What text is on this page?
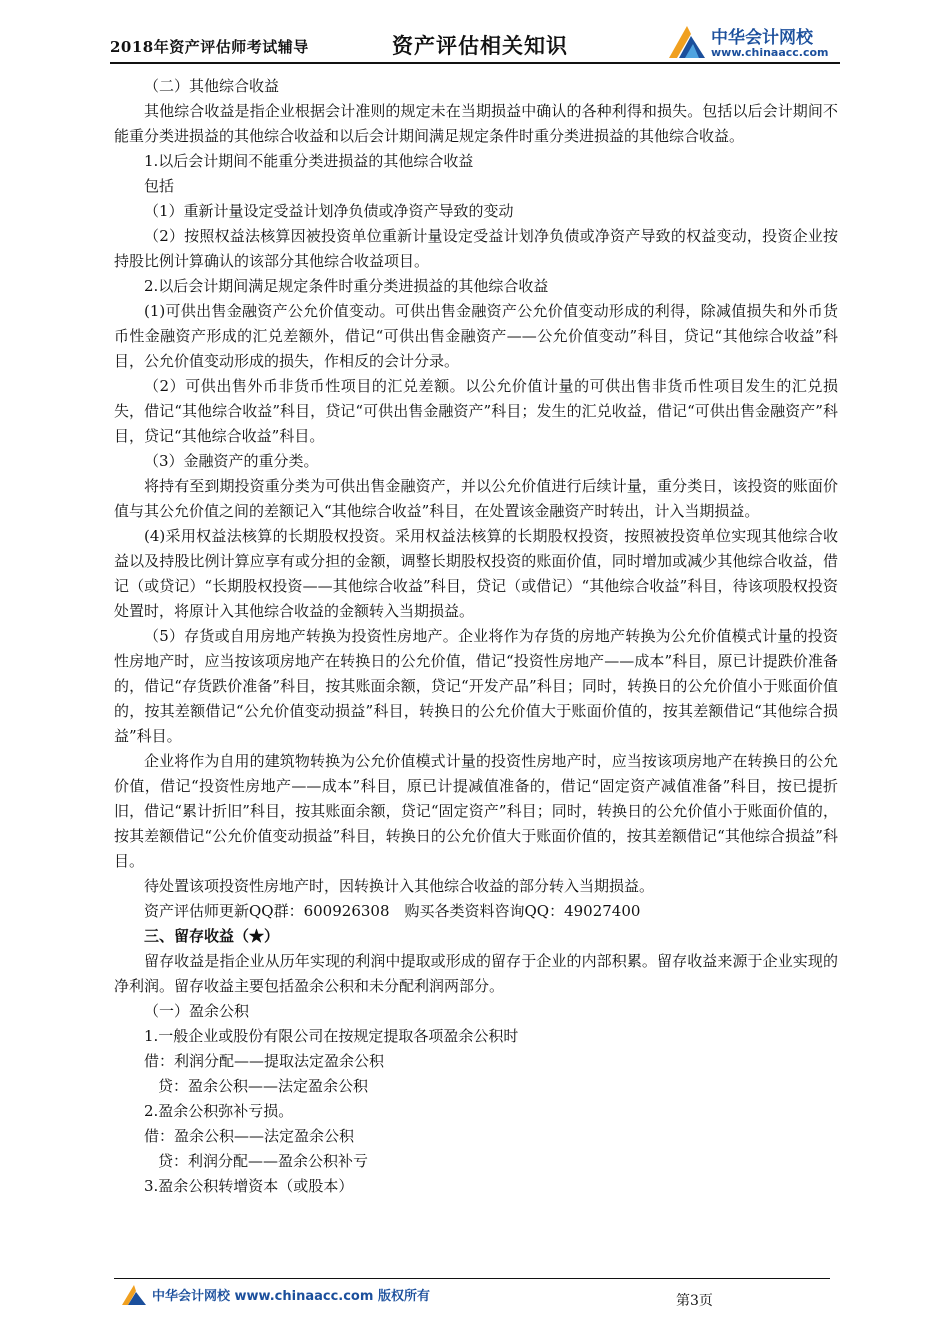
2018年资产评估师考试辅导	资产评估相关知识	中华会计网校
www.chinaacc.com

（二）其他综合收益

其他综合收益是指企业根据会计准则的规定未在当期损益中确认的各种利得和损失。包括以后会计期间不能重分类进损益的其他综合收益和以后会计期间满足规定条件时重分类进损益的其他综合收益。

1.以后会计期间不能重分类进损益的其他综合收益

包括

（1）重新计量设定受益计划净负债或净资产导致的变动

（2）按照权益法核算因被投资单位重新计量设定受益计划净负债或净资产导致的权益变动，投资企业按持股比例计算确认的该部分其他综合收益项目。

2.以后会计期间满足规定条件时重分类进损益的其他综合收益

(1)可供出售金融资产公允价值变动。可供出售金融资产公允价值变动形成的利得，除减值损失和外币货币性金融资产形成的汇兑差额外，借记“可供出售金融资产——公允价值变动”科目，贷记“其他综合收益”科目，公允价值变动形成的损失，作相反的会计分录。

（2）可供出售外币非货币性项目的汇兑差额。以公允价值计量的可供出售非货币性项目发生的汇兑损失，借记“其他综合收益”科目，贷记“可供出售金融资产”科目；发生的汇兑收益，借记“可供出售金融资产”科目，贷记“其他综合收益”科目。

（3）金融资产的重分类。

将持有至到期投资重分类为可供出售金融资产，并以公允价值进行后续计量，重分类日，该投资的账面价值与其公允价值之间的差额记入“其他综合收益”科目，在处置该金融资产时转出，计入当期损益。

(4)采用权益法核算的长期股权投资。采用权益法核算的长期股权投资，按照被投资单位实现其他综合收益以及持股比例计算应享有或分担的金额，调整长期股权投资的账面价值，同时增加或减少其他综合收益，借记（或贷记）“长期股权投资——其他综合收益”科目，贷记（或借记）“其他综合收益”科目，待该项股权投资处置时，将原计入其他综合收益的金额转入当期损益。

（5）存货或自用房地产转换为投资性房地产。企业将作为存货的房地产转换为公允价值模式计量的投资性房地产时，应当按该项房地产在转换日的公允价值，借记“投资性房地产——成本”科目，原已计提跌价准备的，借记“存货跌价准备”科目，按其账面余额，贷记“开发产品”科目；同时，转换日的公允价值小于账面价值的，按其差额借记“公允价值变动损益”科目，转换日的公允价值大于账面价值的，按其差额借记“其他综合损益”科目。

企业将作为自用的建筑物转换为公允价值模式计量的投资性房地产时，应当按该项房地产在转换日的公允价值，借记“投资性房地产——成本”科目，原已计提减值准备的，借记“固定资产减值准备”科目，按已提折旧，借记“累计折旧”科目，按其账面余额，贷记“固定资产”科目；同时，转换日的公允价值小于账面价值的，按其差额借记“公允价值变动损益”科目，转换日的公允价值大于账面价值的，按其差额借记“其他综合损益”科目。

待处置该项投资性房地产时，因转换计入其他综合收益的部分转入当期损益。

资产评估师更新QQ群：600926308　购买各类资料咨询QQ：49027400

三、留存收益（★）

留存收益是指企业从历年实现的利润中提取或形成的留存于企业的内部积累。留存收益来源于企业实现的净利润。留存收益主要包括盈余公积和未分配利润两部分。

（一）盈余公积

1.一般企业或股份有限公司在按规定提取各项盈余公积时

借：利润分配——提取法定盈余公积

贷：盈余公积——法定盈余公积

2.盈余公积弥补亏损。

借：盈余公积——法定盈余公积

贷：利润分配——盈余公积补亏

3.盈余公积转增资本（或股本）

中华会计网校 www.chinaacc.com 版权所有	第3页
